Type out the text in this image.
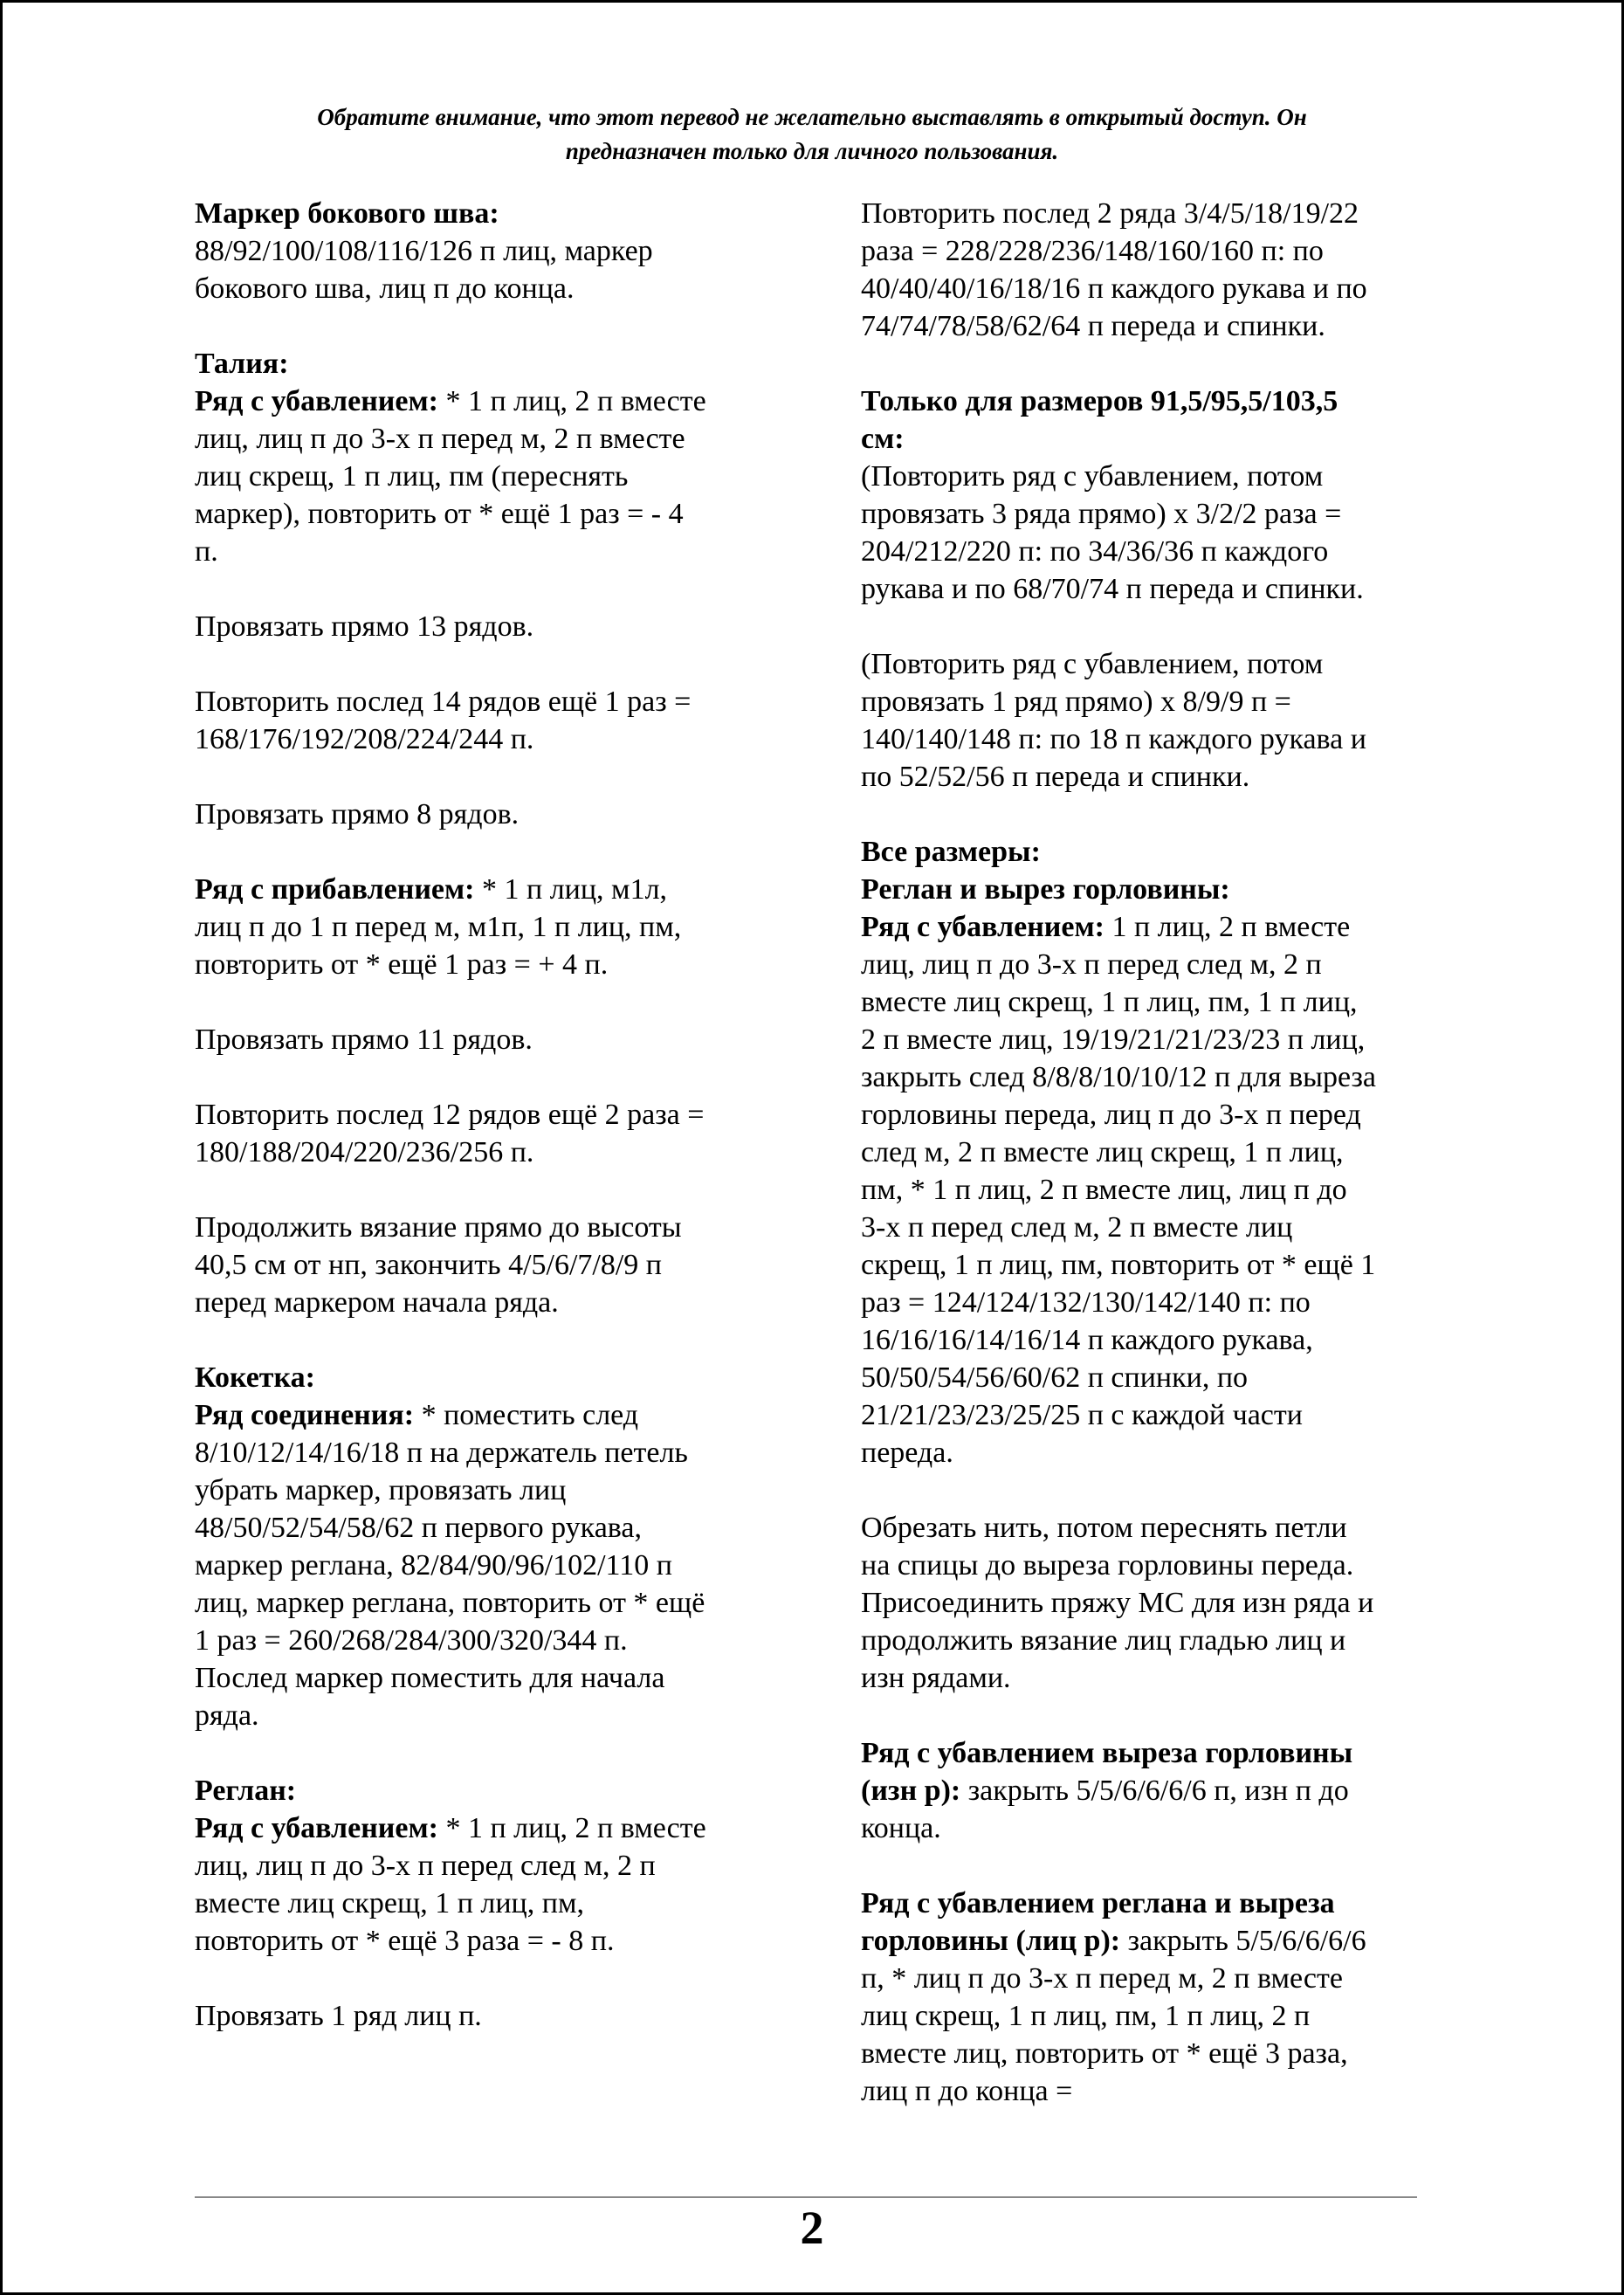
Обратите внимание, что этот перевод не желательно выставлять в открытый доступ. Он
предназначен только для личного пользования.
Маркер бокового шва:
88/92/100/108/116/126 п лиц, маркер
бокового шва, лиц п до конца.
Талия:
Ряд с убавлением: * 1 п лиц, 2 п вместе
лиц, лиц п до 3-х п перед м, 2 п вместе
лиц скрещ, 1 п лиц, пм (переснять
маркер), повторить от * ещё 1 раз = - 4
п.
Провязать прямо 13 рядов.
Повторить послед 14 рядов ещё 1 раз =
168/176/192/208/224/244 п.
Провязать прямо 8 рядов.
Ряд с прибавлением: * 1 п лиц, м1л,
лиц п до 1 п перед м, м1п, 1 п лиц, пм,
повторить от * ещё 1 раз = + 4 п.
Провязать прямо 11 рядов.
Повторить послед 12 рядов ещё 2 раза =
180/188/204/220/236/256 п.
Продолжить вязание прямо до высоты
40,5 см от нп, закончить 4/5/6/7/8/9 п
перед маркером начала ряда.
Кокетка:
Ряд соединения: * поместить след
8/10/12/14/16/18 п на держатель петель
убрать маркер, провязать лиц
48/50/52/54/58/62 п первого рукава,
маркер реглана, 82/84/90/96/102/110 п
лиц, маркер реглана, повторить от * ещё
1 раз = 260/268/284/300/320/344 п.
Послед маркер поместить для начала
ряда.
Реглан:
Ряд с убавлением: * 1 п лиц, 2 п вместе
лиц, лиц п до 3-х п перед след м, 2 п
вместе лиц скрещ, 1 п лиц, пм,
повторить от * ещё 3 раза = - 8 п.
Провязать 1 ряд лиц п.
Повторить послед 2 ряда 3/4/5/18/19/22
раза = 228/228/236/148/160/160 п: по
40/40/40/16/18/16 п каждого рукава и по
74/74/78/58/62/64 п переда и спинки.
Только для размеров 91,5/95,5/103,5
см:
(Повторить ряд с убавлением, потом
провязать 3 ряда прямо) х 3/2/2 раза =
204/212/220 п: по 34/36/36 п каждого
рукава и по 68/70/74 п переда и спинки.
(Повторить ряд с убавлением, потом
провязать 1 ряд прямо) х 8/9/9 п =
140/140/148 п: по 18 п каждого рукава и
по 52/52/56 п переда и спинки.
Все размеры:
Реглан и вырез горловины:
Ряд с убавлением: 1 п лиц, 2 п вместе
лиц, лиц п до 3-х п перед след м, 2 п
вместе лиц скрещ, 1 п лиц, пм, 1 п лиц,
2 п вместе лиц, 19/19/21/21/23/23 п лиц,
закрыть след 8/8/8/10/10/12 п для выреза
горловины переда, лиц п до 3-х п перед
след м, 2 п вместе лиц скрещ, 1 п лиц,
пм, * 1 п лиц, 2 п вместе лиц, лиц п до
3-х п перед след м, 2 п вместе лиц
скрещ, 1 п лиц, пм, повторить от * ещё 1
раз = 124/124/132/130/142/140 п: по
16/16/16/14/16/14 п каждого рукава,
50/50/54/56/60/62 п спинки, по
21/21/23/23/25/25 п с каждой части
переда.
Обрезать нить, потом переснять петли
на спицы до выреза горловины переда.
Присоединить пряжу МС для изн ряда и
продолжить вязание лиц гладью лиц и
изн рядами.
Ряд с убавлением выреза горловины
(изн р): закрыть 5/5/6/6/6/6 п, изн п до
конца.
Ряд с убавлением реглана и выреза
горловины (лиц р): закрыть 5/5/6/6/6/6
п, * лиц п до 3-х п перед м, 2 п вместе
лиц скрещ, 1 п лиц, пм, 1 п лиц, 2 п
вместе лиц, повторить от * ещё 3 раза,
лиц п до конца =
2
